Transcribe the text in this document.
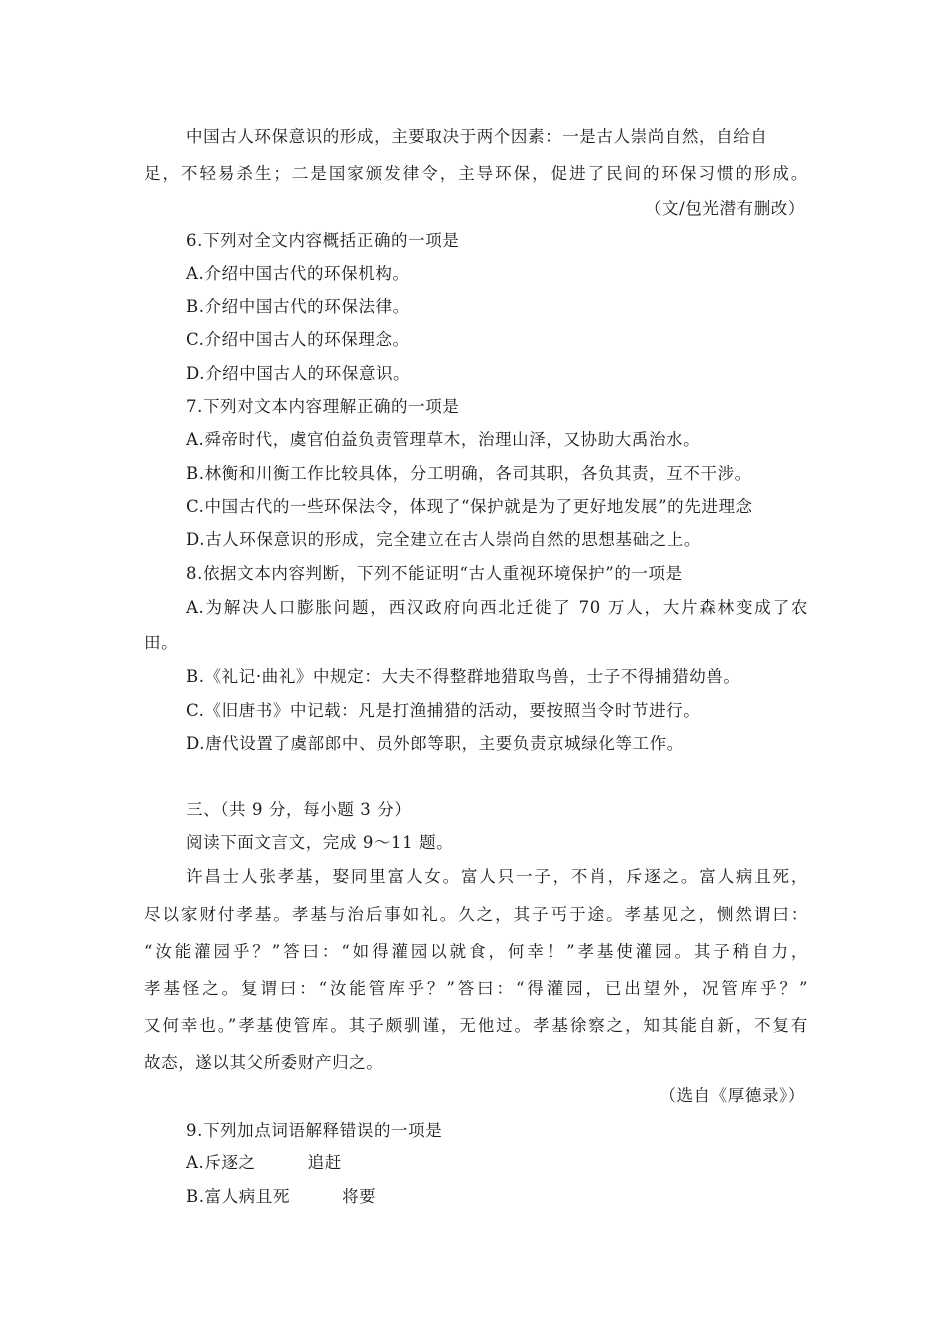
中国古人环保意识的形成，主要取决于两个因素：一是古人崇尚自然，自给自
足，不轻易杀生；二是国家颁发律令，主导环保，促进了民间的环保习惯的形成。
（文/包光潜有删改）
6.下列对全文内容概括正确的一项是
A.介绍中国古代的环保机构。
B.介绍中国古代的环保法律。
C.介绍中国古人的环保理念。
D.介绍中国古人的环保意识。
7.下列对文本内容理解正确的一项是
A.舜帝时代，虞官伯益负责管理草木，治理山泽，又协助大禹治水。
B.林衡和川衡工作比较具体，分工明确，各司其职，各负其责，互不干涉。
C.中国古代的一些环保法令，体现了“保护就是为了更好地发展”的先进理念
D.古人环保意识的形成，完全建立在古人崇尚自然的思想基础之上。
8.依据文本内容判断，下列不能证明“古人重视环境保护”的一项是
A.为解决人口膨胀问题，西汉政府向西北迁徙了 70 万人，大片森林变成了农
田。
B.《礼记·曲礼》中规定：大夫不得整群地猎取鸟兽，士子不得捕猎幼兽。
C.《旧唐书》中记载：凡是打渔捕猎的活动，要按照当令时节进行。
D.唐代设置了虞部郎中、员外郎等职，主要负责京城绿化等工作。
三、（共 9 分，每小题 3 分）
阅读下面文言文，完成 9～11 题。
许昌士人张孝基，娶同里富人女。富人只一子，不肖，斥逐之。富人病且死，
尽以家财付孝基。孝基与治后事如礼。久之，其子丐于途。孝基见之，恻然谓曰：
“汝能灌园乎？”答曰：“如得灌园以就食，何幸！”孝基使灌园。其子稍自力，
孝基怪之。复谓曰：“汝能管库乎？”答曰：“得灌园，已出望外，况管库乎？”
又何幸也。”孝基使管库。其子颇驯谨，无他过。孝基徐察之，知其能自新，不复有
故态，遂以其父所委财产归之。
（选自《厚德录》）
9.下列加点词语解释错误的一项是
A.斥逐之	追赶
B.富人病且死	将要
